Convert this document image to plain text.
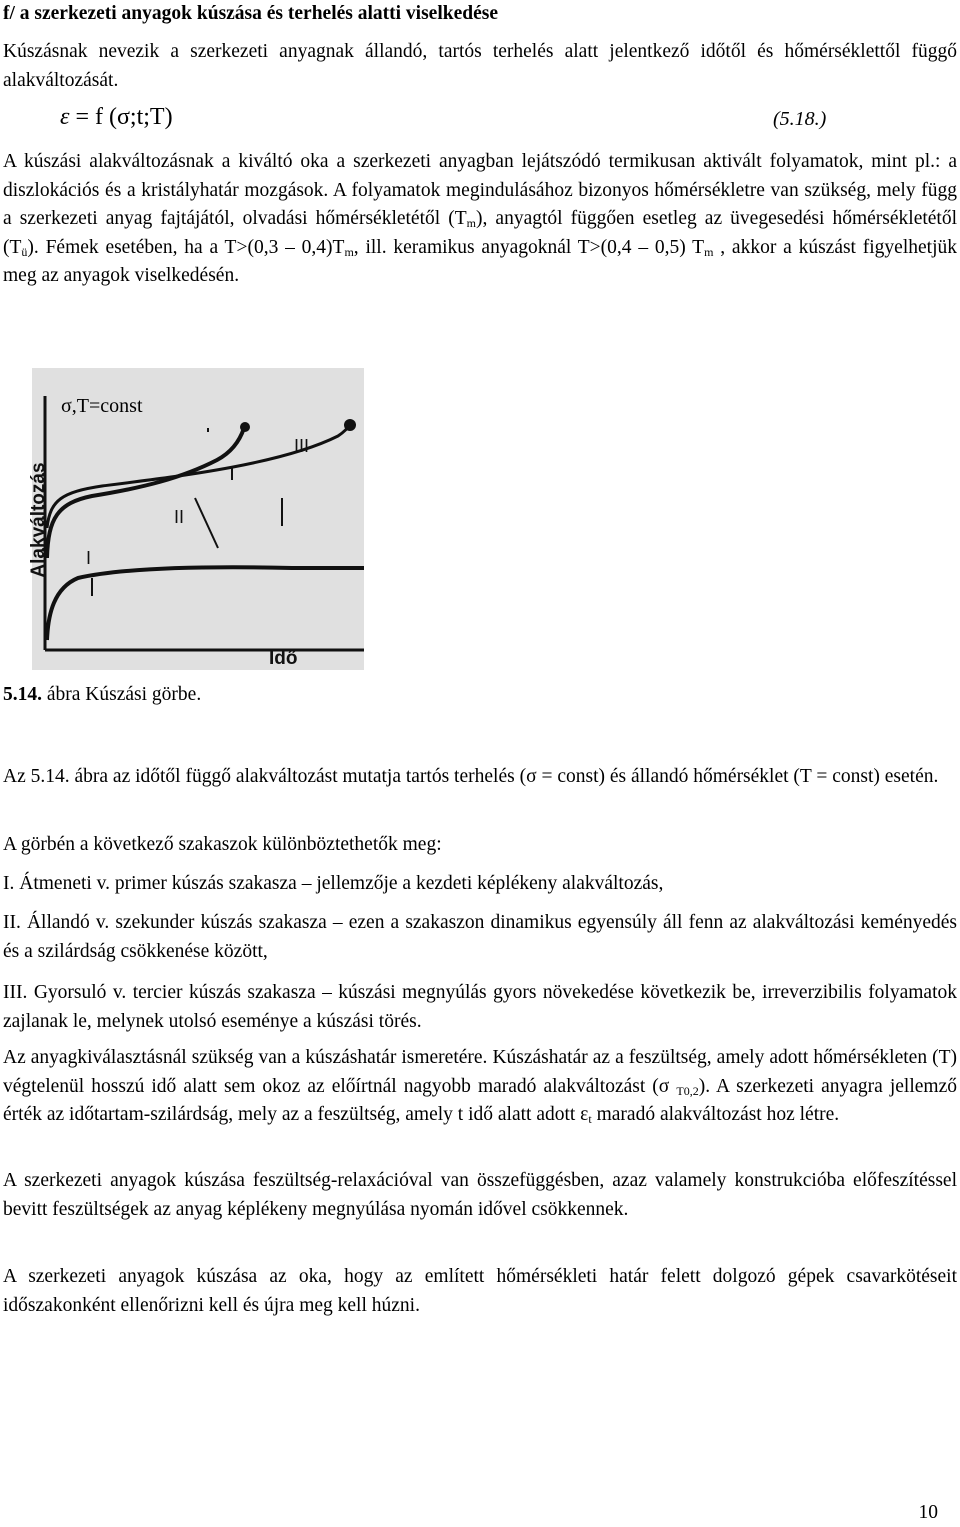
f/ a szerkezeti anyagok kúszása és terhelés alatti viselkedése

Kúszásnak nevezik a szerkezeti anyagnak állandó, tartós terhelés alatt jelentkező időtől és hőmérséklettől függő alakváltozását.

ε = f (σ;t;T)	(5.18.)

A kúszási alakváltozásnak a kiváltó oka a szerkezeti anyagban lejátszódó termikusan aktivált folyamatok, mint pl.: a diszlokációs és a kristályhatár mozgások. A folyamatok megindulásához bizonyos hőmérsékletre van szükség, mely függ a szerkezeti anyag fajtájától, olvadási hőmérsékletétől $(T_m)$, anyagtól függően esetleg az üvegesedési hőmérsékletétől $(T_ü)$. Fémek esetében, ha a $T>(0,3 - 0,4)T_m$, ill. keramikus anyagoknál T>(0,4 – 0,5) $T_m$ , akkor a kúszást figyelhetjük meg az anyagok viselkedésén.

Alakváltozás
σ,T=const
Idő
I
II
III
5.14. ábra Kúszási görbe.

Az 5.14. ábra az időtől függő alakváltozást mutatja tartós terhelés (σ = const) és állandó hőmérséklet (T = const) esetén.

A görbén a következő szakaszok különböztethetők meg:

I. Átmeneti v. primer kúszás szakasza – jellemzője a kezdeti képlékeny alakváltozás,

II. Állandó v. szekunder kúszás szakasza – ezen a szakaszon dinamikus egyensúly áll fenn az alakváltozási keményedés és a szilárdság csökkenése között,

III. Gyorsuló v. tercier kúszás szakasza – kúszási megnyúlás gyors növekedése következik be, irreverzibilis folyamatok zajlanak le, melynek utolsó eseménye a kúszási törés.

Az anyagkiválasztásnál szükség van a kúszáshatár ismeretére. Kúszáshatár az a feszültség, amely adott hőmérsékleten (T) végtelenül hosszú idő alatt sem okoz az előírtnál nagyobb maradó alakváltozást (σ $_{T0,2}$). A szerkezeti anyagra jellemző érték az időtartam-szilárdság, mely az a feszültség, amely t idő alatt adott $\varepsilon_t$ maradó alakváltozást hoz létre.

A szerkezeti anyagok kúszása feszültség-relaxációval van összefüggésben, azaz valamely konstrukcióba előfeszítéssel bevitt feszültségek az anyag képlékeny megnyúlása nyomán idővel csökkennek.

A szerkezeti anyagok kúszása az oka, hogy az említett hőmérsékleti határ felett dolgozó gépek csavarkötéseit időszakonként ellenőrizni kell és újra meg kell húzni.

10
